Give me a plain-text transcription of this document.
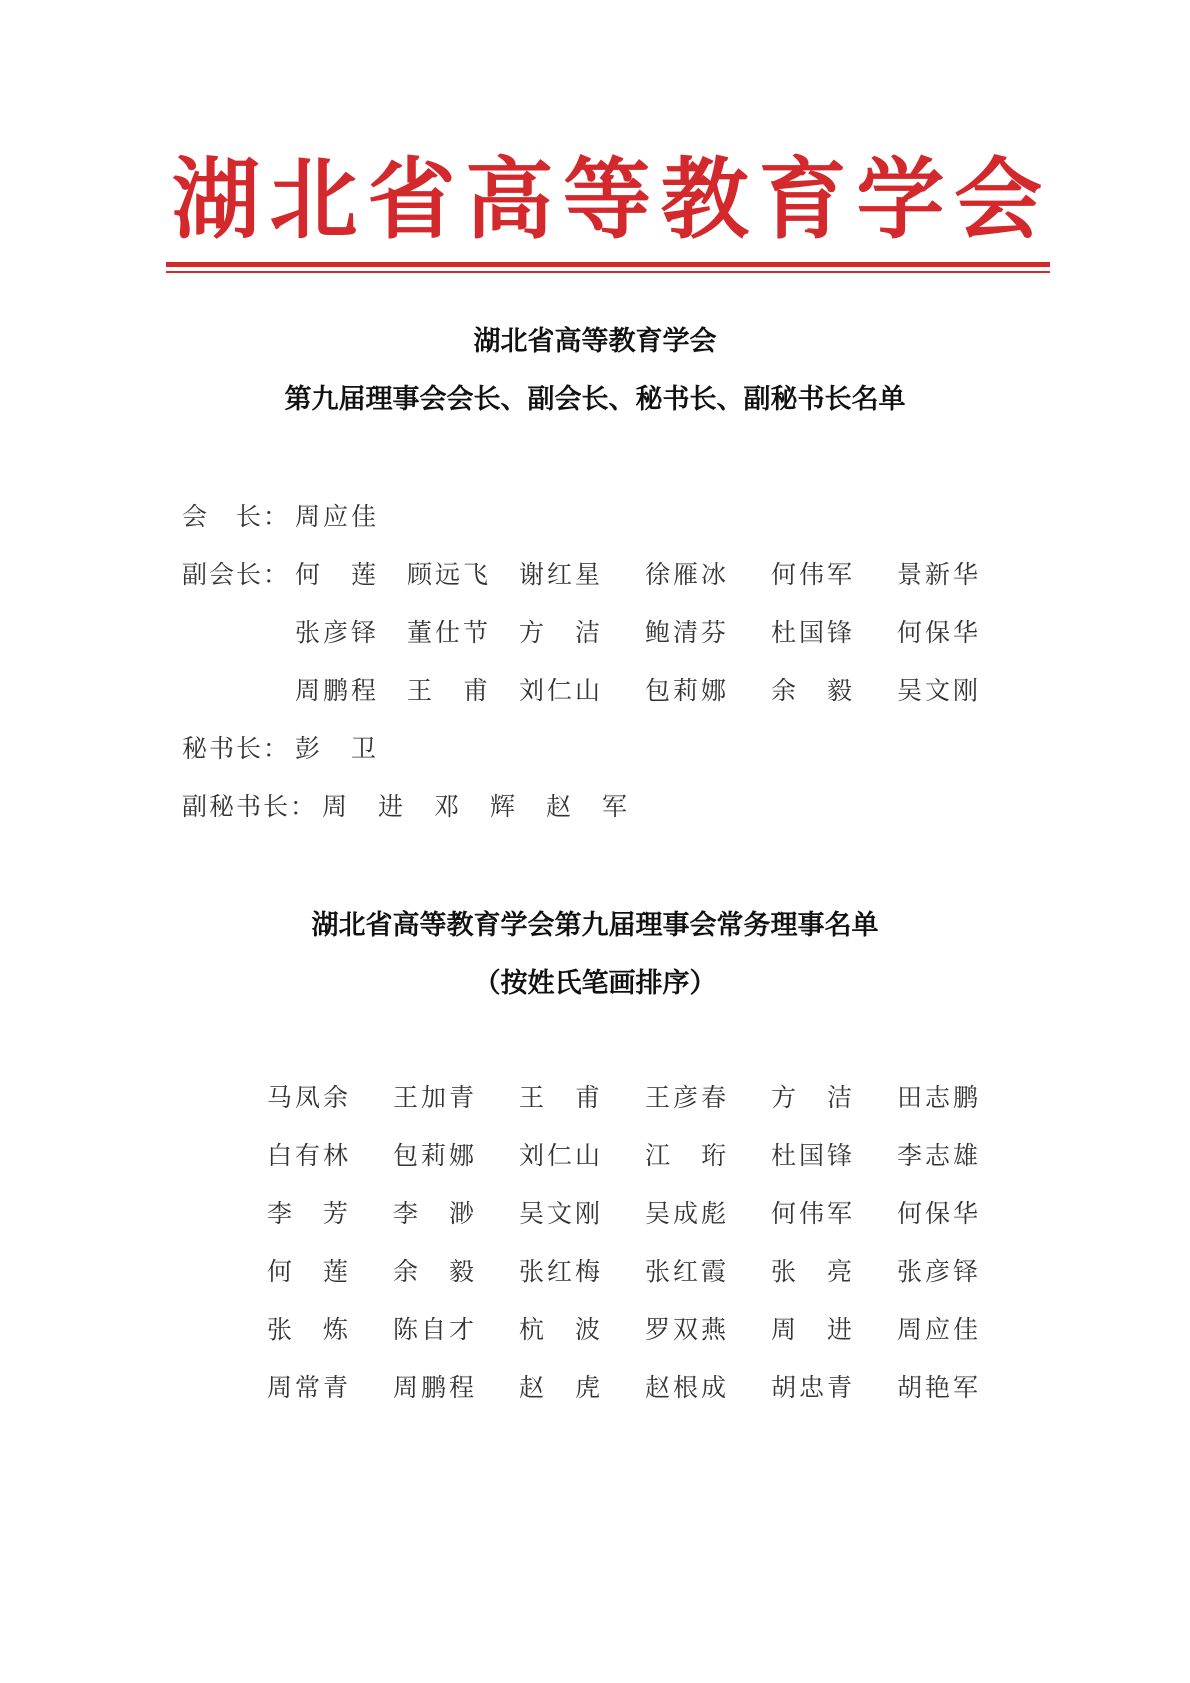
湖 北 省 高 等 教 育 学 会
湖北省高等教育学会
第九届理事会会长、副会长、秘书长、副秘书长名单
会　长： 周应佳
副会长： 何　莲 顾远飞 谢红星 徐雁冰 何伟军 景新华
张彦铎 董仕节 方　洁 鲍清芬 杜国锋 何保华
周鹏程 王　甫 刘仁山 包莉娜 余　毅 吴文刚
秘书长： 彭　卫
副秘书长： 周　进 邓　辉 赵　军
湖北省高等教育学会第九届理事会常务理事名单
（按姓氏笔画排序）
马凤余 王加青 王　甫 王彦春 方　洁 田志鹏
白有林 包莉娜 刘仁山 江　珩 杜国锋 李志雄
李　芳 李　渺 吴文刚 吴成彪 何伟军 何保华
何　莲 余　毅 张红梅 张红霞 张　亮 张彦铎
张　炼 陈自才 杭　波 罗双燕 周　进 周应佳
周常青 周鹏程 赵　虎 赵根成 胡忠青 胡艳军
